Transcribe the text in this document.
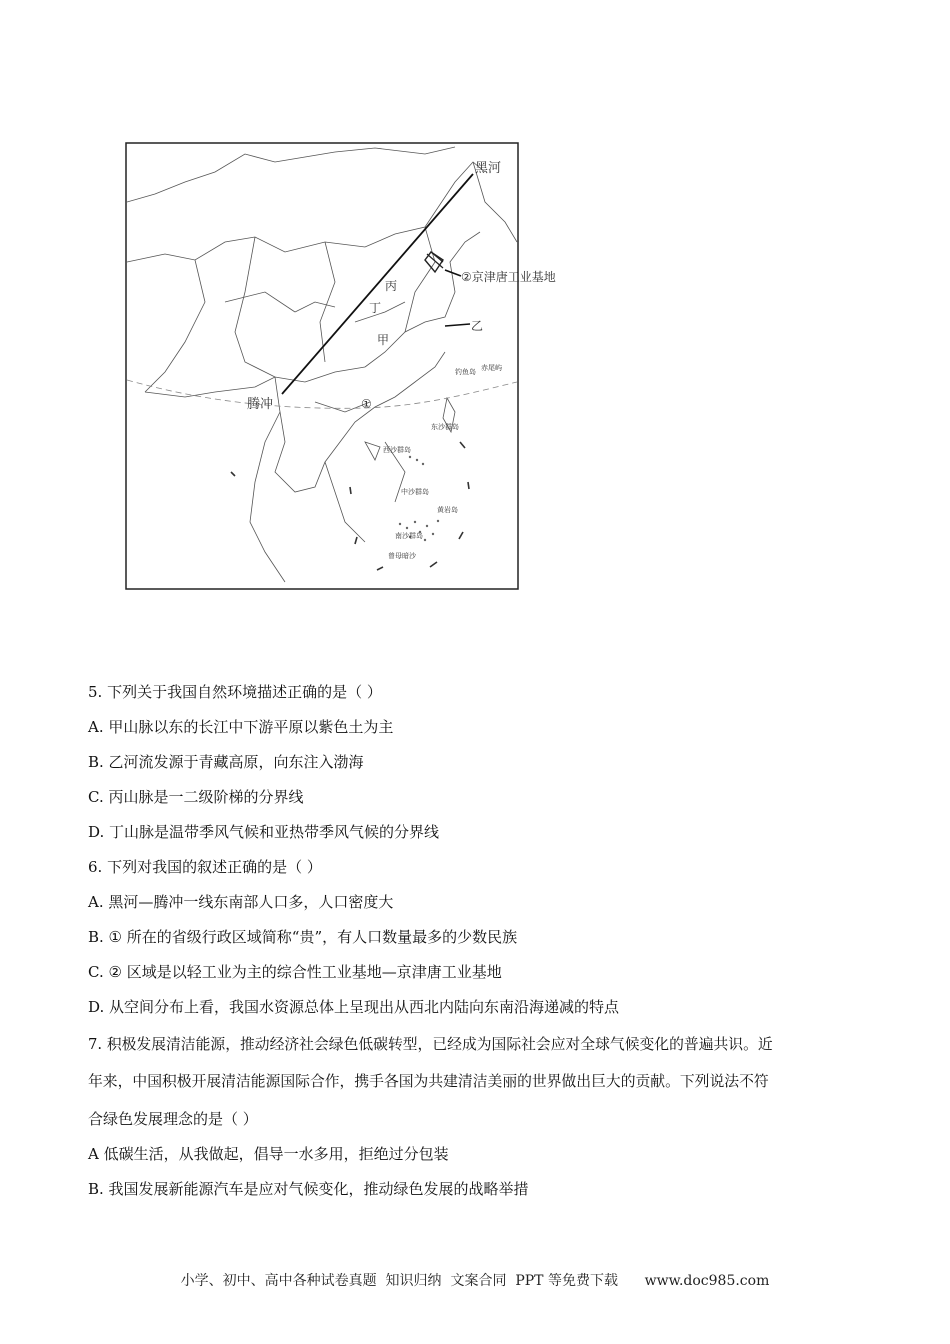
黑河
腾冲
②京津唐工业基地
丙
丁
甲
乙
①
赤尾屿
钓鱼岛
东沙群岛
西沙群岛
中沙群岛
黄岩岛
南沙群岛
曾母暗沙
5. 下列关于我国自然环境描述正确的是（ ）
A. 甲山脉以东的长江中下游平原以紫色土为主
B. 乙河流发源于青藏高原，向东注入渤海
C. 丙山脉是一二级阶梯的分界线
D. 丁山脉是温带季风气候和亚热带季风气候的分界线
6. 下列对我国的叙述正确的是（ ）
A. 黑河—腾冲一线东南部人口多，人口密度大
B. ① 所在的省级行政区域简称“贵”，有人口数量最多的少数民族
C. ② 区域是以轻工业为主的综合性工业基地—京津唐工业基地
D. 从空间分布上看，我国水资源总体上呈现出从西北内陆向东南沿海递减的特点
7. 积极发展清洁能源，推动经济社会绿色低碳转型，已经成为国际社会应对全球气候变化的普遍共识。近
年来，中国积极开展清洁能源国际合作，携手各国为共建清洁美丽的世界做出巨大的贡献。下列说法不符
合绿色发展理念的是（ ）
A 低碳生活，从我做起，倡导一水多用，拒绝过分包装
B. 我国发展新能源汽车是应对气候变化，推动绿色发展的战略举措
小学、初中、高中各种试卷真题  知识归纳  文案合同  PPT 等免费下载      www.doc985.com
